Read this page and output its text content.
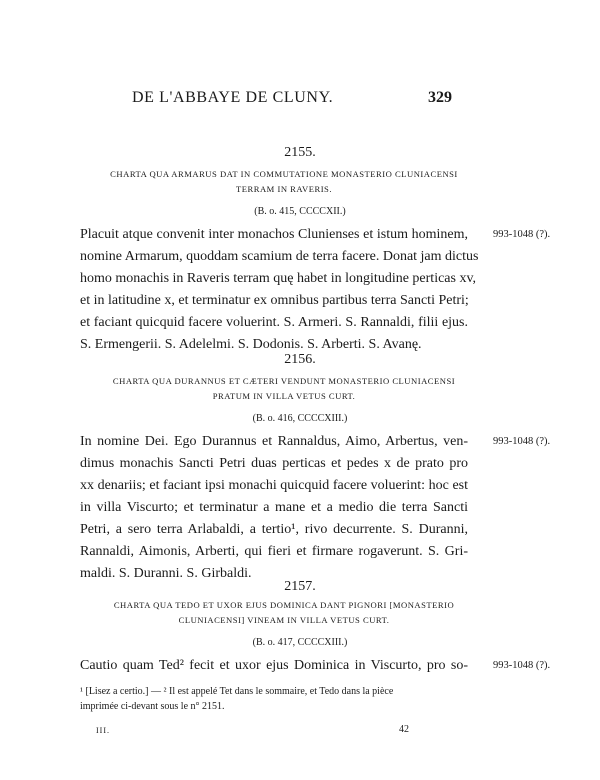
DE L'ABBAYE DE CLUNY.	329
2155.
CHARTA QUA ARMARUS DAT IN COMMUTATIONE MONASTERIO CLUNIACENSI
TERRAM IN RAVERIS.
(B. o. 415, CCCCXII.)
Placuit atque convenit inter monachos Clunienses et istum hominem,
nomine Armarum, quoddam scamium de terra facere. Donat jam dictus
homo monachis in Raveris terram quę habet in longitudine perticas xv,
et in latitudine x, et terminatur ex omnibus partibus terra Sancti Petri;
et faciant quicquid facere voluerint. S. Armeri. S. Rannaldi, filii ejus.
S. Ermengerii. S. Adelelmi. S. Dodonis. S. Arberti. S. Avanę.
993-1048 (?).
2156.
CHARTA QUA DURANNUS ET CÆTERI VENDUNT MONASTERIO CLUNIACENSI
PRATUM IN VILLA VETUS CURT.
(B. o. 416, CCCCXIII.)
In nomine Dei. Ego Durannus et Rannaldus, Aimo, Arbertus, ven-
dimus monachis Sancti Petri duas perticas et pedes x de prato pro
xx denariis; et faciant ipsi monachi quicquid facere voluerint: hoc est
in villa Viscurto; et terminatur a mane et a medio die terra Sancti
Petri, a sero terra Arlabaldi, a tertio¹, rivo decurrente. S. Duranni,
Rannaldi, Aimonis, Arberti, qui fieri et firmare rogaverunt. S. Gri-
maldi. S. Duranni. S. Girbaldi.
993-1048 (?).
2157.
CHARTA QUA TEDO ET UXOR EJUS DOMINICA DANT PIGNORI [MONASTERIO
CLUNIACENSI] VINEAM IN VILLA VETUS CURT.
(B. o. 417, CCCCXIII.)
Cautio quam Ted² fecit et uxor ejus Dominica in Viscurto, pro so- 993-1048 (?).
¹ [Lisez a certio.] — ² Il est appelé Tet dans le sommaire, et Tedo dans la pièce
imprimée ci-devant sous le n° 2151.
III.	42
